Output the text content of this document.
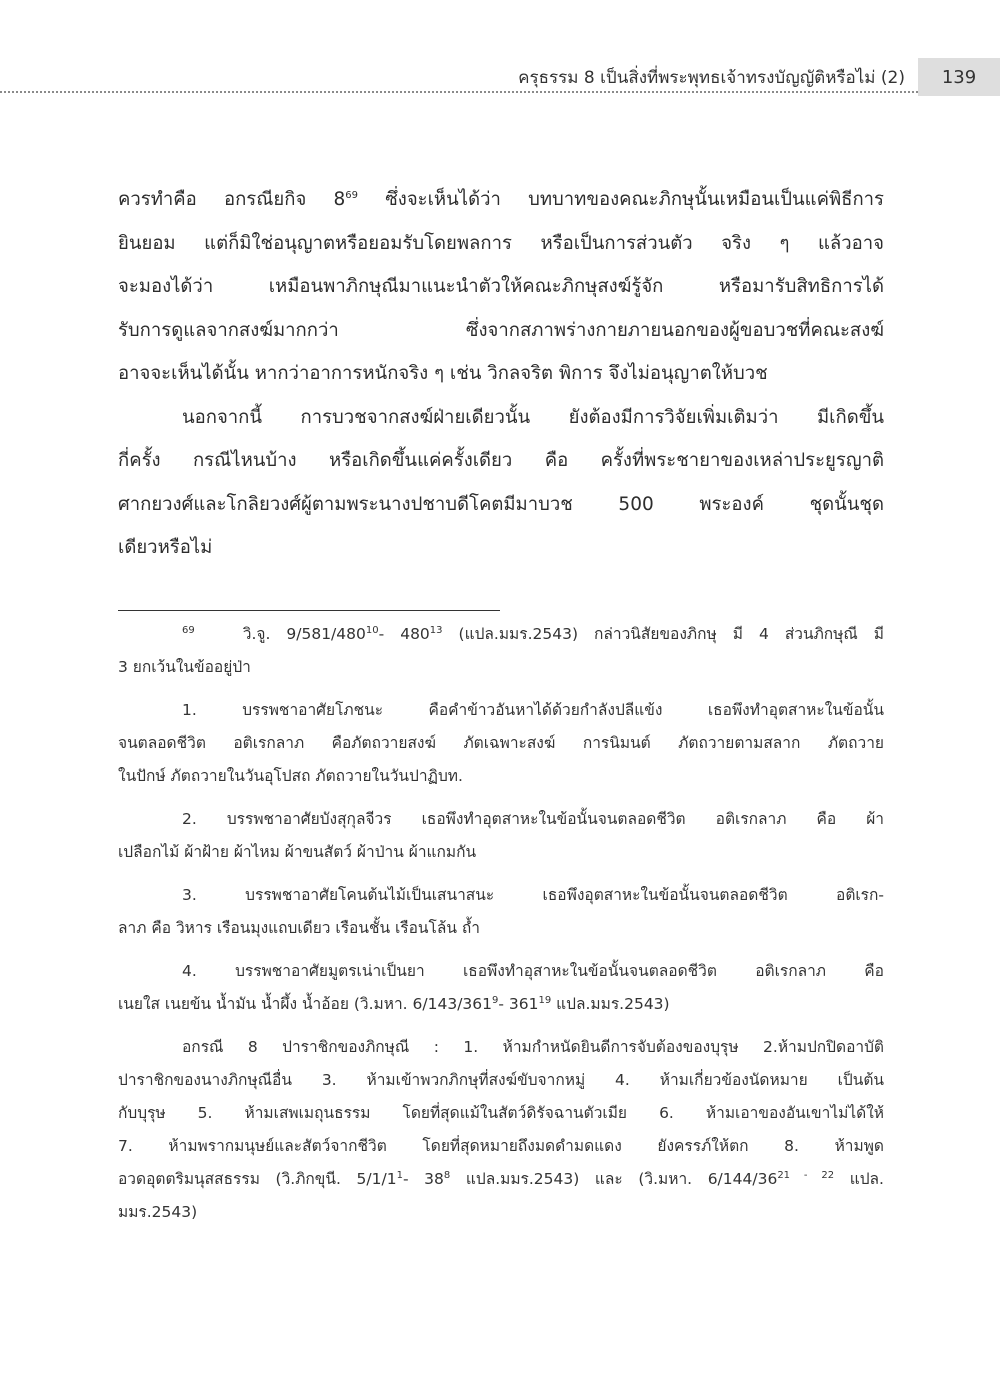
ครุธรรม 8 เป็นสิ่งที่พระพุทธเจ้าทรงบัญญัติหรือไม่ (2)	139

ควรทำคือ อกรณียกิจ $8^{69}$ ซึ่งจะเห็นได้ว่า บทบาทของคณะภิกษุนั้นเหมือนเป็นแค่พิธีการ
ยินยอม แต่ก็มิใช่อนุญาตหรือยอมรับโดยพลการ หรือเป็นการส่วนตัว จริง ๆ แล้วอาจ
จะมองได้ว่า เหมือนพาภิกษุณีมาแนะนำตัวให้คณะภิกษุสงฆ์รู้จัก หรือมารับสิทธิการได้
รับการดูแลจากสงฆ์มากกว่า ซึ่งจากสภาพร่างกายภายนอกของผู้ขอบวชที่คณะสงฆ์
อาจจะเห็นได้นั้น หากว่าอาการหนักจริง ๆ เช่น วิกลจริต พิการ จึงไม่อนุญาตให้บวช

นอกจากนี้ การบวชจากสงฆ์ฝ่ายเดียวนั้น ยังต้องมีการวิจัยเพิ่มเติมว่า มีเกิดขึ้น
กี่ครั้ง กรณีไหนบ้าง หรือเกิดขึ้นแค่ครั้งเดียว คือ ครั้งที่พระชายาของเหล่าประยูรญาติ
ศากยวงศ์และโกลิยวงศ์ผู้ตามพระนางปชาบดีโคตมีมาบวช 500 พระองค์ ชุดนั้นชุด
เดียวหรือไม่

$^{69}$	วิ.จู. $9/581/480^{10}-$ $480^{13}$ (แปล.มมร.2543) กล่าวนิสัยของภิกษุ มี 4 ส่วนภิกษุณี มี
3 ยกเว้นในข้ออยู่ป่า

1. บรรพชาอาศัยโภชนะ คือคำข้าวอันหาได้ด้วยกำลังปลีแข้ง เธอพึงทำอุตสาหะในข้อนั้น
จนตลอดชีวิต อติเรกลาภ คือภัตถวายสงฆ์ ภัตเฉพาะสงฆ์ การนิมนต์ ภัตถวายตามสลาก ภัตถวาย
ในปักษ์ ภัตถวายในวันอุโปสถ ภัตถวายในวันปาฏิบท.

2. บรรพชาอาศัยบังสุกุลจีวร เธอพึงทำอุตสาหะในข้อนั้นจนตลอดชีวิต อติเรกลาภ คือ ผ้า
เปลือกไม้ ผ้าฝ้าย ผ้าไหม ผ้าขนสัตว์ ผ้าป่าน ผ้าแกมกัน

3. บรรพชาอาศัยโคนต้นไม้เป็นเสนาสนะ เธอพึงอุตสาหะในข้อนั้นจนตลอดชีวิต อติเรก-
ลาภ คือ วิหาร เรือนมุงแถบเดียว เรือนชั้น เรือนโล้น ถ้ำ

4. บรรพชาอาศัยมูตรเน่าเป็นยา เธอพึงทำอุสาหะในข้อนั้นจนตลอดชีวิต อติเรกลาภ คือ
เนยใส เนยข้น น้ำมัน น้ำผึ้ง น้ำอ้อย (วิ.มหา. $6/143/361^9-$ $361^{19}$ แปล.มมร.2543)

อกรณี 8 ปาราชิกของภิกษุณี : 1. ห้ามกำหนัดยินดีการจับต้องของบุรุษ 2.ห้ามปกปิดอาบัติ
ปาราชิกของนางภิกษุณีอื่น 3. ห้ามเข้าพวกภิกษุที่สงฆ์ขับจากหมู่ 4. ห้ามเกี่ยวข้องนัดหมาย เป็นต้น
กับบุรุษ 5. ห้ามเสพเมถุนธรรม โดยที่สุดแม้ในสัตว์ดิรัจฉานตัวเมีย 6. ห้ามเอาของอันเขาไม่ได้ให้
7. ห้ามพรากมนุษย์และสัตว์จากชีวิต โดยที่สุดหมายถึงมดดำมดแดง ยังครรภ์ให้ตก 8. ห้ามพูด
อวดอุตตริมนุสสธรรม (วิ.ภิกขุนี. $5/1/1^1-$ $38^8$ แปล.มมร.2543) และ (วิ.มหา. 6/144/36$^{21 - 22}$ แปล.
มมร.2543)
